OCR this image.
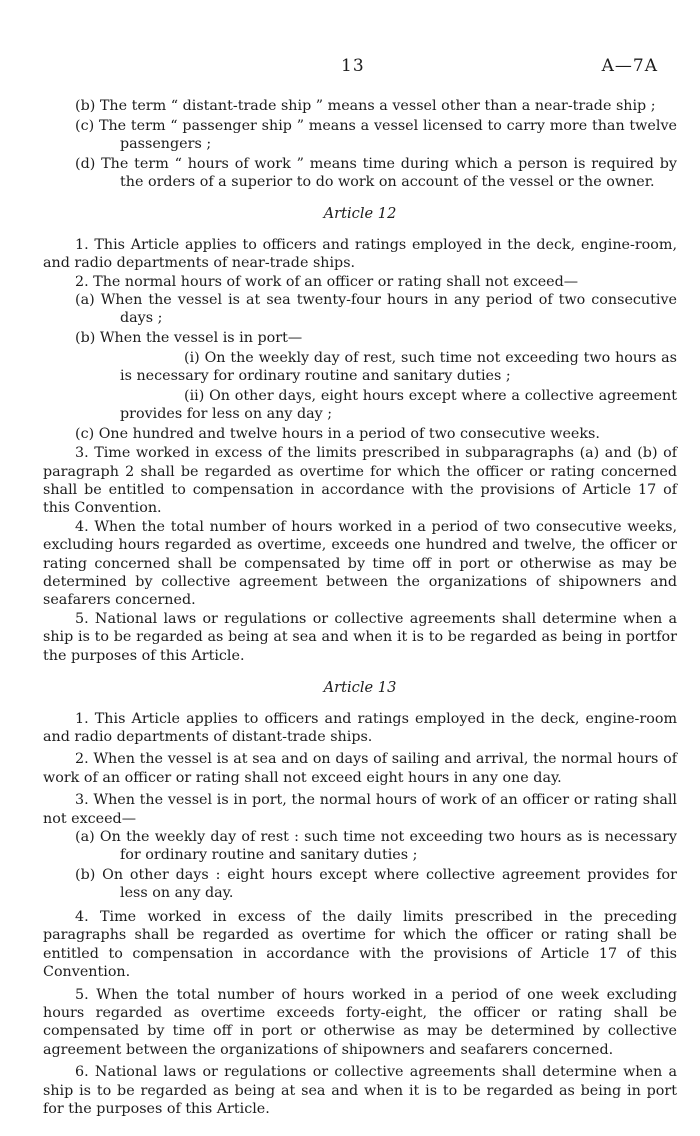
13	A—7A

(b) The term “ distant-trade ship ” means a vessel other than a near-trade ship ;

(c) The term “ passenger ship ” means a vessel licensed to carry more than twelve passengers ;

(d) The term “ hours of work ” means time during which a person is required by the orders of a superior to do work on account of the vessel or the owner.

Article 12

1. This Article applies to officers and ratings employed in the deck, engine-room, and radio departments of near-trade ships.

2. The normal hours of work of an officer or rating shall not exceed—

(a) When the vessel is at sea twenty-four hours in any period of two consecutive days ;

(b) When the vessel is in port—

(i) On the weekly day of rest, such time not exceeding two hours as is necessary for ordinary routine and sanitary duties ;

(ii) On other days, eight hours except where a collective agreement provides for less on any day ;

(c) One hundred and twelve hours in a period of two consecutive weeks.

3. Time worked in excess of the limits prescribed in subparagraphs (a) and (b) of paragraph 2 shall be regarded as overtime for which the officer or rating concerned shall be entitled to compensation in accordance with the provisions of Article 17 of this Convention.

4. When the total number of hours worked in a period of two consecutive weeks, excluding hours regarded as overtime, exceeds one hundred and twelve, the officer or rating concerned shall be compensated by time off in port or otherwise as may be determined by collective agreement between the organizations of shipowners and seafarers concerned.

5. National laws or regulations or collective agreements shall determine when a ship is to be regarded as being at sea and when it is to be regarded as being in portfor the purposes of this Article.

Article 13

1. This Article applies to officers and ratings employed in the deck, engine-room and radio departments of distant-trade ships.

2. When the vessel is at sea and on days of sailing and arrival, the normal hours of work of an officer or rating shall not exceed eight hours in any one day.

3. When the vessel is in port, the normal hours of work of an officer or rating shall not exceed—

(a) On the weekly day of rest : such time not exceeding two hours as is necessary for ordinary routine and sanitary duties ;

(b) On other days : eight hours except where collective agreement provides for less on any day.

4. Time worked in excess of the daily limits prescribed in the preceding paragraphs shall be regarded as overtime for which the officer or rating shall be entitled to compensation in accordance with the provisions of Article 17 of this Convention.

5. When the total number of hours worked in a period of one week excluding hours regarded as overtime exceeds forty-eight, the officer or rating shall be compensated by time off in port or otherwise as may be determined by collective agreement between the organizations of shipowners and seafarers concerned.

6. National laws or regulations or collective agreements shall determine when a ship is to be regarded as being at sea and when it is to be regarded as being in port for the purposes of this Article.
